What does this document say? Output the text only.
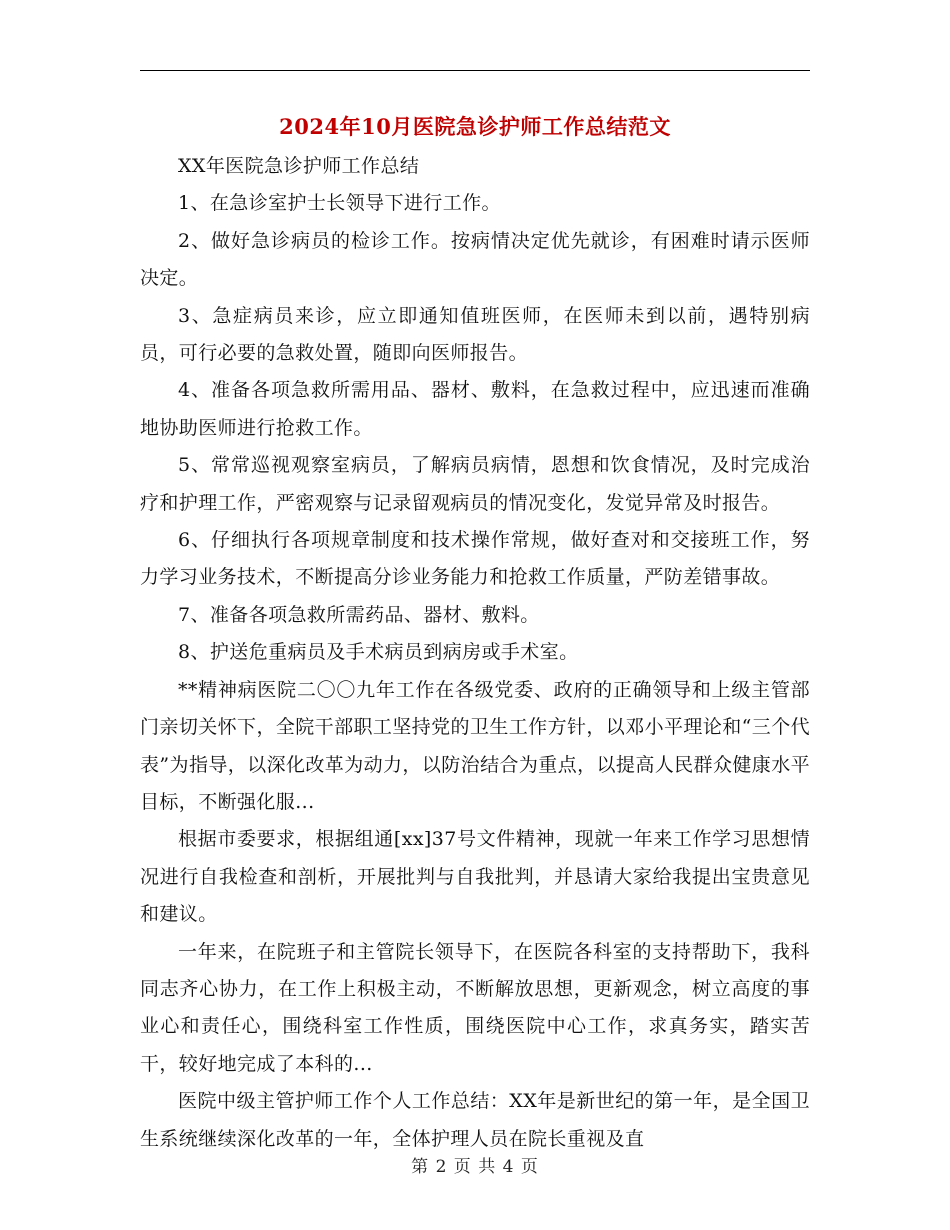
2024年10月医院急诊护师工作总结范文

XX年医院急诊护师工作总结

1、在急诊室护士长领导下进行工作。

2、做好急诊病员的检诊工作。按病情决定优先就诊，有困难时请示医师决定。

3、急症病员来诊，应立即通知值班医师，在医师未到以前，遇特别病员，可行必要的急救处置，随即向医师报告。

4、准备各项急救所需用品、器材、敷料，在急救过程中，应迅速而准确地协助医师进行抢救工作。

5、常常巡视观察室病员，了解病员病情，恩想和饮食情况，及时完成治疗和护理工作，严密观察与记录留观病员的情况变化，发觉异常及时报告。

6、仔细执行各项规章制度和技术操作常规，做好查对和交接班工作，努力学习业务技术，不断提高分诊业务能力和抢救工作质量，严防差错事故。

7、准备各项急救所需药品、器材、敷料。

8、护送危重病员及手术病员到病房或手术室。

**精神病医院二〇〇九年工作在各级党委、政府的正确领导和上级主管部门亲切关怀下，全院干部职工坚持党的卫生工作方针，以邓小平理论和“三个代表”为指导，以深化改革为动力，以防治结合为重点，以提高人民群众健康水平目标，不断强化服...

根据市委要求，根据组通[xx]37号文件精神，现就一年来工作学习思想情况进行自我检查和剖析，开展批判与自我批判，并恳请大家给我提出宝贵意见和建议。

一年来，在院班子和主管院长领导下，在医院各科室的支持帮助下，我科同志齐心协力，在工作上积极主动，不断解放思想，更新观念，树立高度的事业心和责任心，围绕科室工作性质，围绕医院中心工作，求真务实，踏实苦干，较好地完成了本科的...

医院中级主管护师工作个人工作总结：XX年是新世纪的第一年，是全国卫生系统继续深化改革的一年，全体护理人员在院长重视及直

第 2 页 共 4 页
